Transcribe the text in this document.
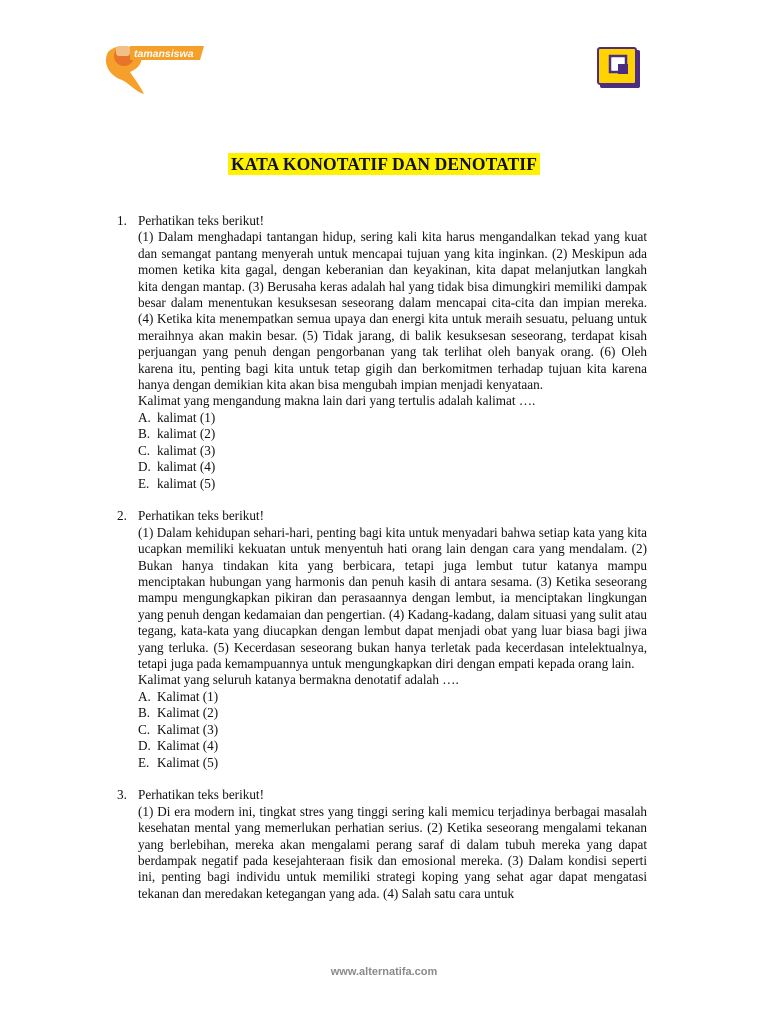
tamansiswa
KATA KONOTATIF DAN DENOTATIF
1. Perhatikan teks berikut!
(1) Dalam menghadapi tantangan hidup, sering kali kita harus mengandalkan tekad yang kuat dan semangat pantang menyerah untuk mencapai tujuan yang kita inginkan. (2) Meskipun ada momen ketika kita gagal, dengan keberanian dan keyakinan, kita dapat melanjutkan langkah kita dengan mantap. (3) Berusaha keras adalah hal yang tidak bisa dimungkiri memiliki dampak besar dalam menentukan kesuksesan seseorang dalam mencapai cita-cita dan impian mereka. (4) Ketika kita menempatkan semua upaya dan energi kita untuk meraih sesuatu, peluang untuk meraihnya akan makin besar. (5) Tidak jarang, di balik kesuksesan seseorang, terdapat kisah perjuangan yang penuh dengan pengorbanan yang tak terlihat oleh banyak orang. (6) Oleh karena itu, penting bagi kita untuk tetap gigih dan berkomitmen terhadap tujuan kita karena hanya dengan demikian kita akan bisa mengubah impian menjadi kenyataan.
Kalimat yang mengandung makna lain dari yang tertulis adalah kalimat ….
A. kalimat (1)
B. kalimat (2)
C. kalimat (3)
D. kalimat (4)
E. kalimat (5)
2. Perhatikan teks berikut!
(1) Dalam kehidupan sehari-hari, penting bagi kita untuk menyadari bahwa setiap kata yang kita ucapkan memiliki kekuatan untuk menyentuh hati orang lain dengan cara yang mendalam. (2) Bukan hanya tindakan kita yang berbicara, tetapi juga lembut tutur katanya mampu menciptakan hubungan yang harmonis dan penuh kasih di antara sesama. (3) Ketika seseorang mampu mengungkapkan pikiran dan perasaannya dengan lembut, ia menciptakan lingkungan yang penuh dengan kedamaian dan pengertian. (4) Kadang-kadang, dalam situasi yang sulit atau tegang, kata-kata yang diucapkan dengan lembut dapat menjadi obat yang luar biasa bagi jiwa yang terluka. (5) Kecerdasan seseorang bukan hanya terletak pada kecerdasan intelektualnya, tetapi juga pada kemampuannya untuk mengungkapkan diri dengan empati kepada orang lain.
Kalimat yang seluruh katanya bermakna denotatif adalah ….
A. Kalimat (1)
B. Kalimat (2)
C. Kalimat (3)
D. Kalimat (4)
E. Kalimat (5)
3. Perhatikan teks berikut!
(1) Di era modern ini, tingkat stres yang tinggi sering kali memicu terjadinya berbagai masalah kesehatan mental yang memerlukan perhatian serius. (2) Ketika seseorang mengalami tekanan yang berlebihan, mereka akan mengalami perang saraf di dalam tubuh mereka yang dapat berdampak negatif pada kesejahteraan fisik dan emosional mereka. (3) Dalam kondisi seperti ini, penting bagi individu untuk memiliki strategi koping yang sehat agar dapat mengatasi tekanan dan meredakan ketegangan yang ada. (4) Salah satu cara untuk
www.alternatifa.com
